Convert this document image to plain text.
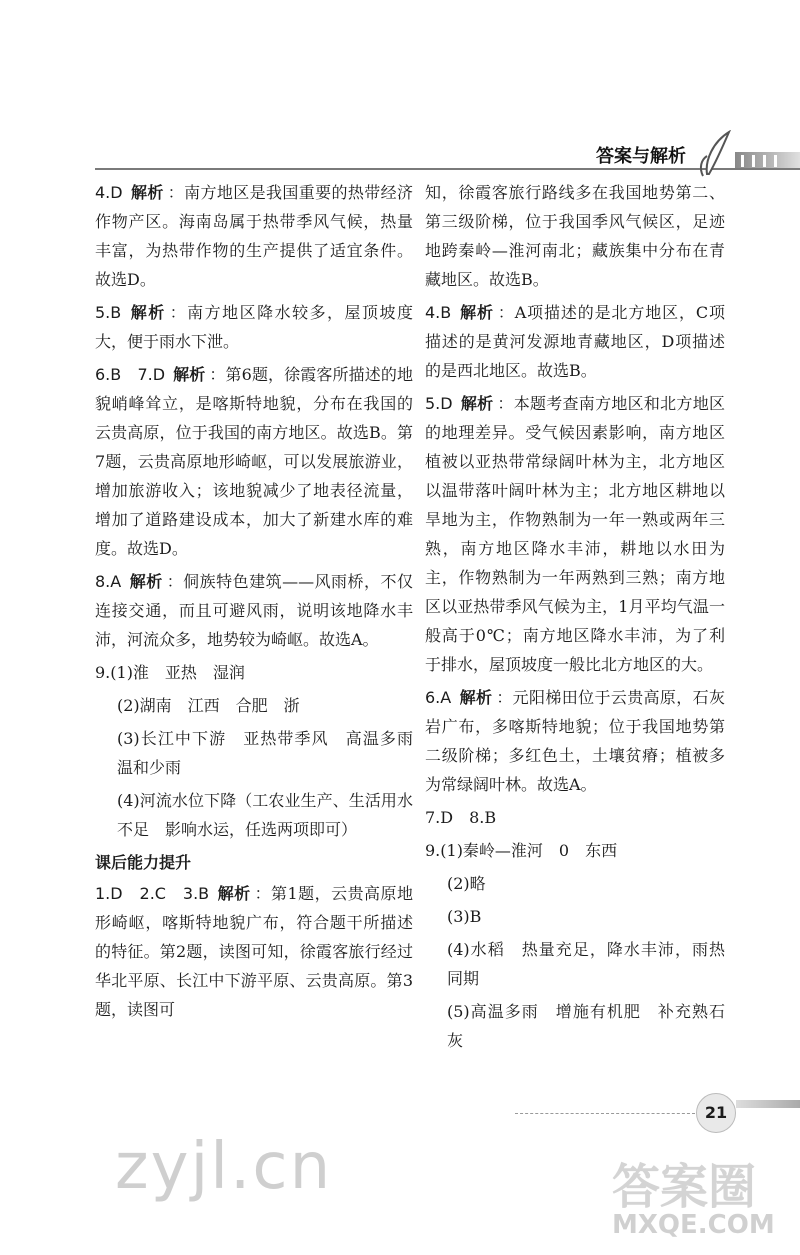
答案与解析
4.D 解析 ：南方地区是我国重要的热带经济作物产区。海南岛属于热带季风气候，热量丰富，为热带作物的生产提供了适宜条件。故选D。
5.B 解析 ：南方地区降水较多，屋顶坡度大，便于雨水下泄。
6.B　7.D 解析 ：第6题，徐霞客所描述的地貌峭峰耸立，是喀斯特地貌，分布在我国的云贵高原，位于我国的南方地区。故选B。第7题，云贵高原地形崎岖，可以发展旅游业，增加旅游收入；该地貌减少了地表径流量，增加了道路建设成本，加大了新建水库的难度。故选D。
8.A 解析 ：侗族特色建筑——风雨桥，不仅连接交通，而且可避风雨，说明该地降水丰沛，河流众多，地势较为崎岖。故选A。
9.(1)淮　亚热　湿润
(2)湖南　江西　合肥　浙
(3)长江中下游　亚热带季风　高温多雨　温和少雨
(4)河流水位下降（工农业生产、生活用水不足　影响水运，任选两项即可）
课后能力提升
1.D　2.C　3.B 解析 ：第1题，云贵高原地形崎岖，喀斯特地貌广布，符合题干所描述的特征。第2题，读图可知，徐霞客旅行经过华北平原、长江中下游平原、云贵高原。第3题，读图可
知，徐霞客旅行路线多在我国地势第二、第三级阶梯，位于我国季风气候区，足迹地跨秦岭—淮河南北；藏族集中分布在青藏地区。故选B。
4.B 解析 ：A项描述的是北方地区，C项描述的是黄河发源地青藏地区，D项描述的是西北地区。故选B。
5.D 解析 ：本题考查南方地区和北方地区的地理差异。受气候因素影响，南方地区植被以亚热带常绿阔叶林为主，北方地区以温带落叶阔叶林为主；北方地区耕地以旱地为主，作物熟制为一年一熟或两年三熟，南方地区降水丰沛，耕地以水田为主，作物熟制为一年两熟到三熟；南方地区以亚热带季风气候为主，1月平均气温一般高于0℃；南方地区降水丰沛，为了利于排水，屋顶坡度一般比北方地区的大。
6.A 解析 ：元阳梯田位于云贵高原，石灰岩广布，多喀斯特地貌；位于我国地势第二级阶梯；多红色土，土壤贫瘠；植被多为常绿阔叶林。故选A。
7.D　8.B
9.(1)秦岭—淮河　0　东西
(2)略
(3)B
(4)水稻　热量充足，降水丰沛，雨热同期
(5)高温多雨　增施有机肥　补充熟石灰
21
zyjl.cn	答案圈
MXQE.COM
